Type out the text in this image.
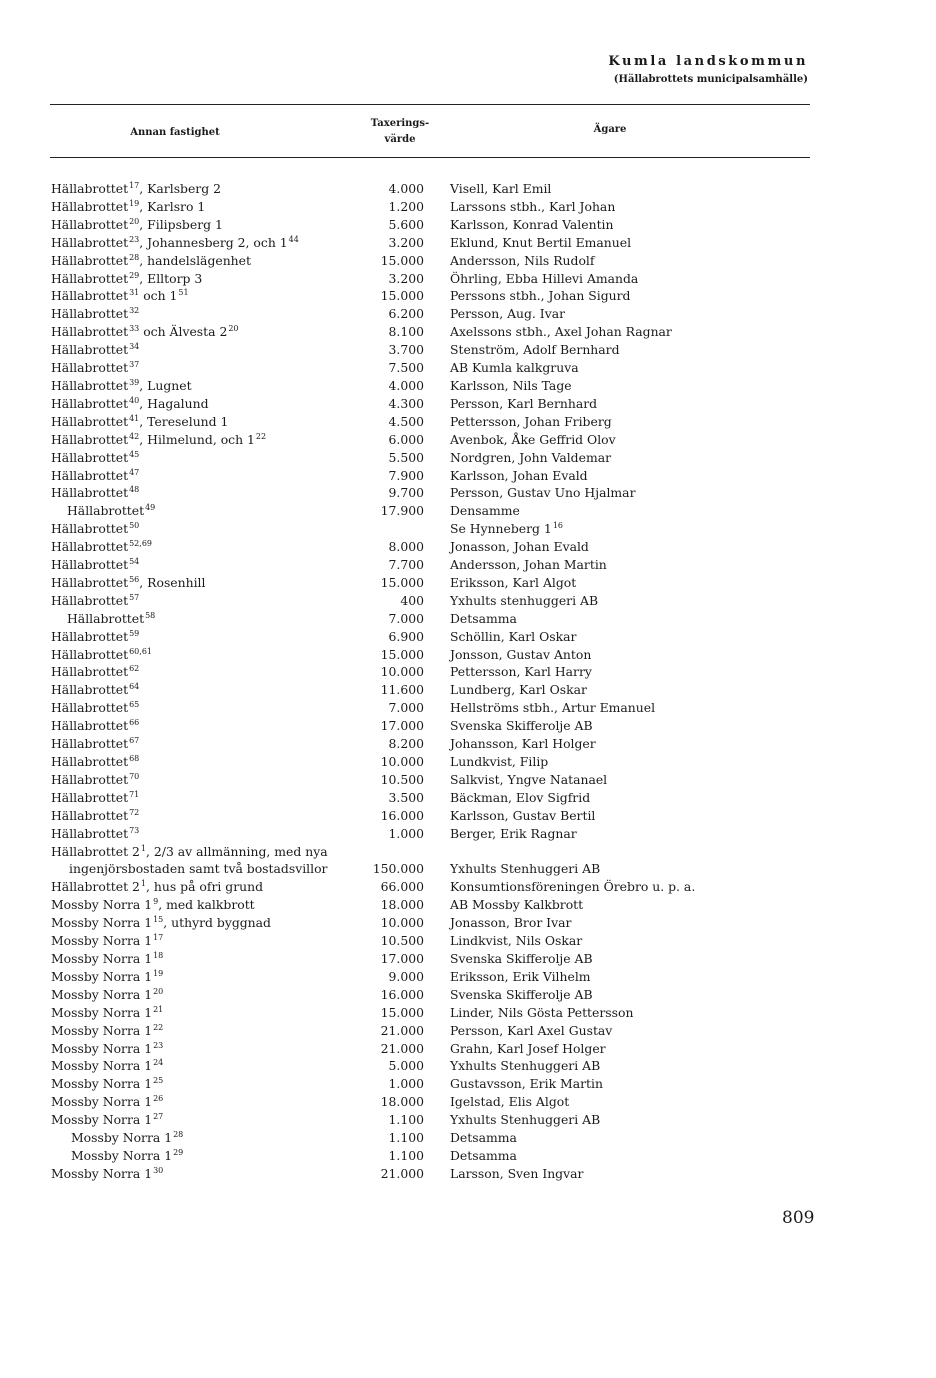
Kumla landskommun
(Hällabrottets municipalsamhälle)
Annan fastighet
Taxerings-
värde
Ägare
Hällabrottet$^{17}$, Karlsberg 2	4.000 Visell, Karl Emil
Hällabrottet$^{19}$, Karlsro 1	1.200 Larssons stbh., Karl Johan
Hällabrottet$^{20}$, Filipsberg 1	5.600 Karlsson, Konrad Valentin
Hällabrottet$^{23}$, Johannesberg 2, och $1^{44}$	3.200 Eklund, Knut Bertil Emanuel
Hällabrottet$^{28}$, handelslägenhet	15.000 Andersson, Nils Rudolf
Hällabrottet$^{29}$, Elltorp 3	3.200 Öhrling, Ebba Hillevi Amanda
Hällabrottet$^{31}$ och $1^{51}$	15.000 Perssons stbh., Johan Sigurd
Hällabrottet$^{32}$	6.200 Persson, Aug. Ivar
Hällabrottet$^{33}$ och Älvesta $2^{20}$	8.100 Axelssons stbh., Axel Johan Ragnar
Hällabrottet$^{34}$	3.700 Stenström, Adolf Bernhard
Hällabrottet$^{37}$	7.500 AB Kumla kalkgruva
Hällabrottet$^{39}$, Lugnet	4.000 Karlsson, Nils Tage
Hällabrottet$^{40}$, Hagalund	4.300 Persson, Karl Bernhard
Hällabrottet$^{41}$, Tereselund 1	4.500 Pettersson, Johan Friberg
Hällabrottet$^{42}$, Hilmelund, och $1^{22}$	6.000 Avenbok, Åke Geffrid Olov
Hällabrottet$^{45}$	5.500 Nordgren, John Valdemar
Hällabrottet$^{47}$	7.900 Karlsson, Johan Evald
Hällabrottet$^{48}$	9.700 Persson, Gustav Uno Hjalmar
Hällabrottet$^{49}$	17.900 Densamme
Hällabrottet$^{50}$	Se Hynneberg $1^{16}$
Hällabrottet$^{52,69}$	8.000 Jonasson, Johan Evald
Hällabrottet$^{54}$	7.700 Andersson, Johan Martin
Hällabrottet$^{56}$, Rosenhill	15.000 Eriksson, Karl Algot
Hällabrottet$^{57}$	400 Yxhults stenhuggeri AB
Hällabrottet$^{58}$	7.000 Detsamma
Hällabrottet$^{59}$	6.900 Schöllin, Karl Oskar
Hällabrottet$^{60,61}$	15.000 Jonsson, Gustav Anton
Hällabrottet$^{62}$	10.000 Pettersson, Karl Harry
Hällabrottet$^{64}$	11.600 Lundberg, Karl Oskar
Hällabrottet$^{65}$	7.000 Hellströms stbh., Artur Emanuel
Hällabrottet$^{66}$	17.000 Svenska Skifferolje AB
Hällabrottet$^{67}$	8.200 Johansson, Karl Holger
Hällabrottet$^{68}$	10.000 Lundkvist, Filip
Hällabrottet$^{70}$	10.500 Salkvist, Yngve Natanael
Hällabrottet$^{71}$	3.500 Bäckman, Elov Sigfrid
Hällabrottet$^{72}$	16.000 Karlsson, Gustav Bertil
Hällabrottet$^{73}$	1.000 Berger, Erik Ragnar
Hällabrottet $2^1$, 2/3 av allmänning, med nya
ingenjörsbostaden samt två bostadsvillor	150.000 Yxhults Stenhuggeri AB
Hällabrottet $2^1$, hus på ofri grund	66.000 Konsumtionsföreningen Örebro u. p. a.
Mossby Norra $1^9$, med kalkbrott	18.000 AB Mossby Kalkbrott
Mossby Norra $1^{15}$, uthyrd byggnad	10.000 Jonasson, Bror Ivar
Mossby Norra $1^{17}$	10.500 Lindkvist, Nils Oskar
Mossby Norra $1^{18}$	17.000 Svenska Skifferolje AB
Mossby Norra $1^{19}$	9.000 Eriksson, Erik Vilhelm
Mossby Norra $1^{20}$	16.000 Svenska Skifferolje AB
Mossby Norra $1^{21}$	15.000 Linder, Nils Gösta Pettersson
Mossby Norra $1^{22}$	21.000 Persson, Karl Axel Gustav
Mossby Norra $1^{23}$	21.000 Grahn, Karl Josef Holger
Mossby Norra $1^{24}$	5.000 Yxhults Stenhuggeri AB
Mossby Norra $1^{25}$	1.000 Gustavsson, Erik Martin
Mossby Norra $1^{26}$	18.000 Igelstad, Elis Algot
Mossby Norra $1^{27}$	1.100 Yxhults Stenhuggeri AB
Mossby Norra $1^{28}$	1.100 Detsamma
Mossby Norra $1^{29}$	1.100 Detsamma
Mossby Norra $1^{30}$	21.000 Larsson, Sven Ingvar
809
